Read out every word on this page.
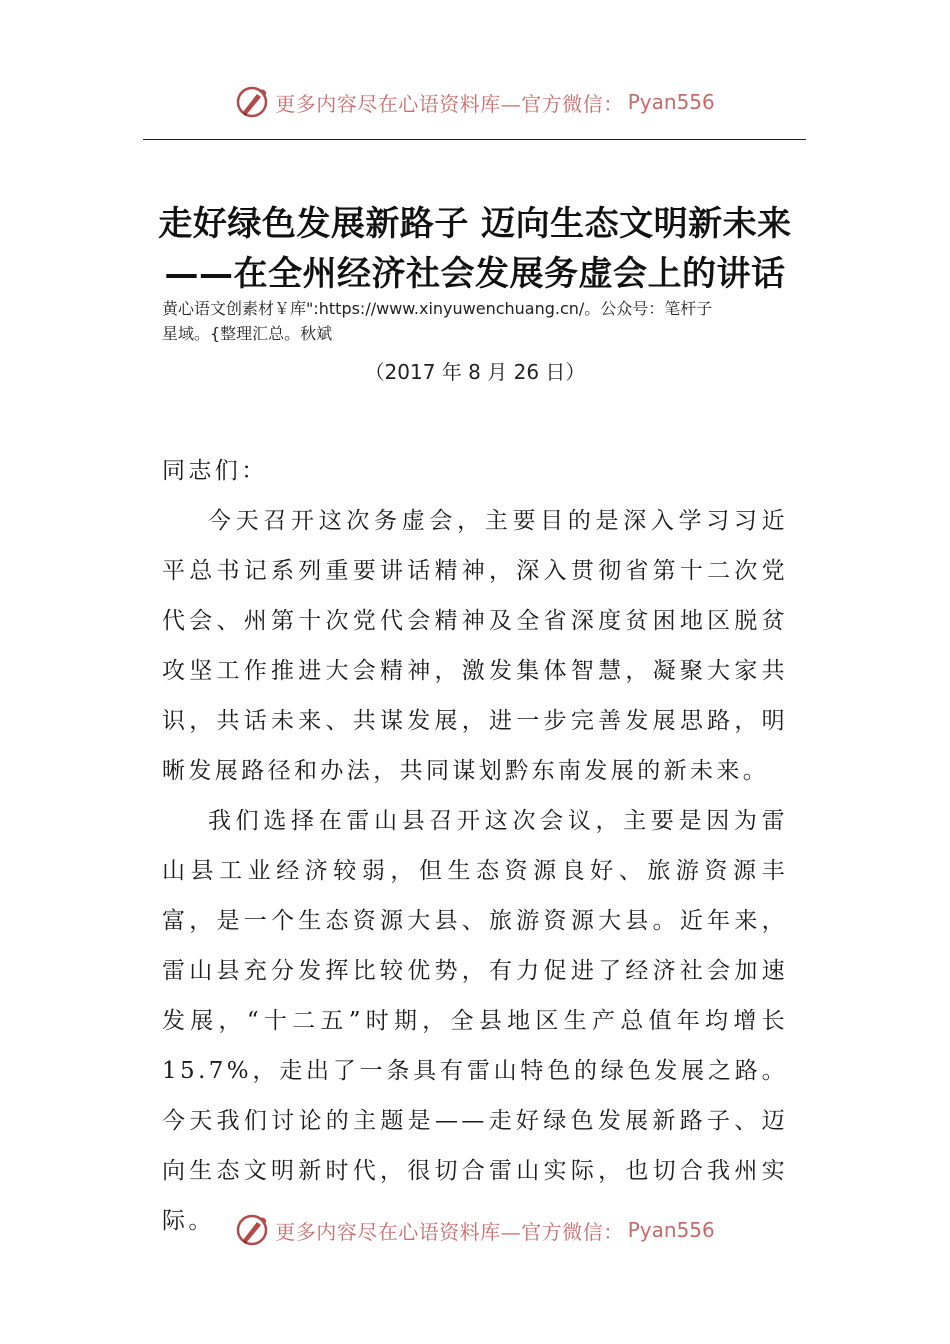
更多内容尽在心语资料库—官方微信： Pyan556
走好绿色发展新路子 迈向生态文明新未来
——在全州经济社会发展务虚会上的讲话
黄心语文创素材￥库":https://www.xinyuwenchuang.cn/。公众号：笔杆子
星域。{整理汇总。秋斌
（2017 年 8 月 26 日）

同志们：

今天召开这次务虚会，主要目的是深入学习习近平总书记系列重要讲话精神，深入贯彻省第十二次党代会、州第十次党代会精神及全省深度贫困地区脱贫攻坚工作推进大会精神，激发集体智慧，凝聚大家共识，共话未来、共谋发展，进一步完善发展思路，明晰发展路径和办法，共同谋划黔东南发展的新未来。

我们选择在雷山县召开这次会议，主要是因为雷山县工业经济较弱，但生态资源良好、旅游资源丰富，是一个生态资源大县、旅游资源大县。近年来，雷山县充分发挥比较优势，有力促进了经济社会加速发展，“十二五”时期，全县地区生产总值年均增长15.7%，走出了一条具有雷山特色的绿色发展之路。今天我们讨论的主题是——走好绿色发展新路子、迈向生态文明新时代，很切合雷山实际，也切合我州实际。	更多内容尽在心语资料库—官方微信： Pyan556
